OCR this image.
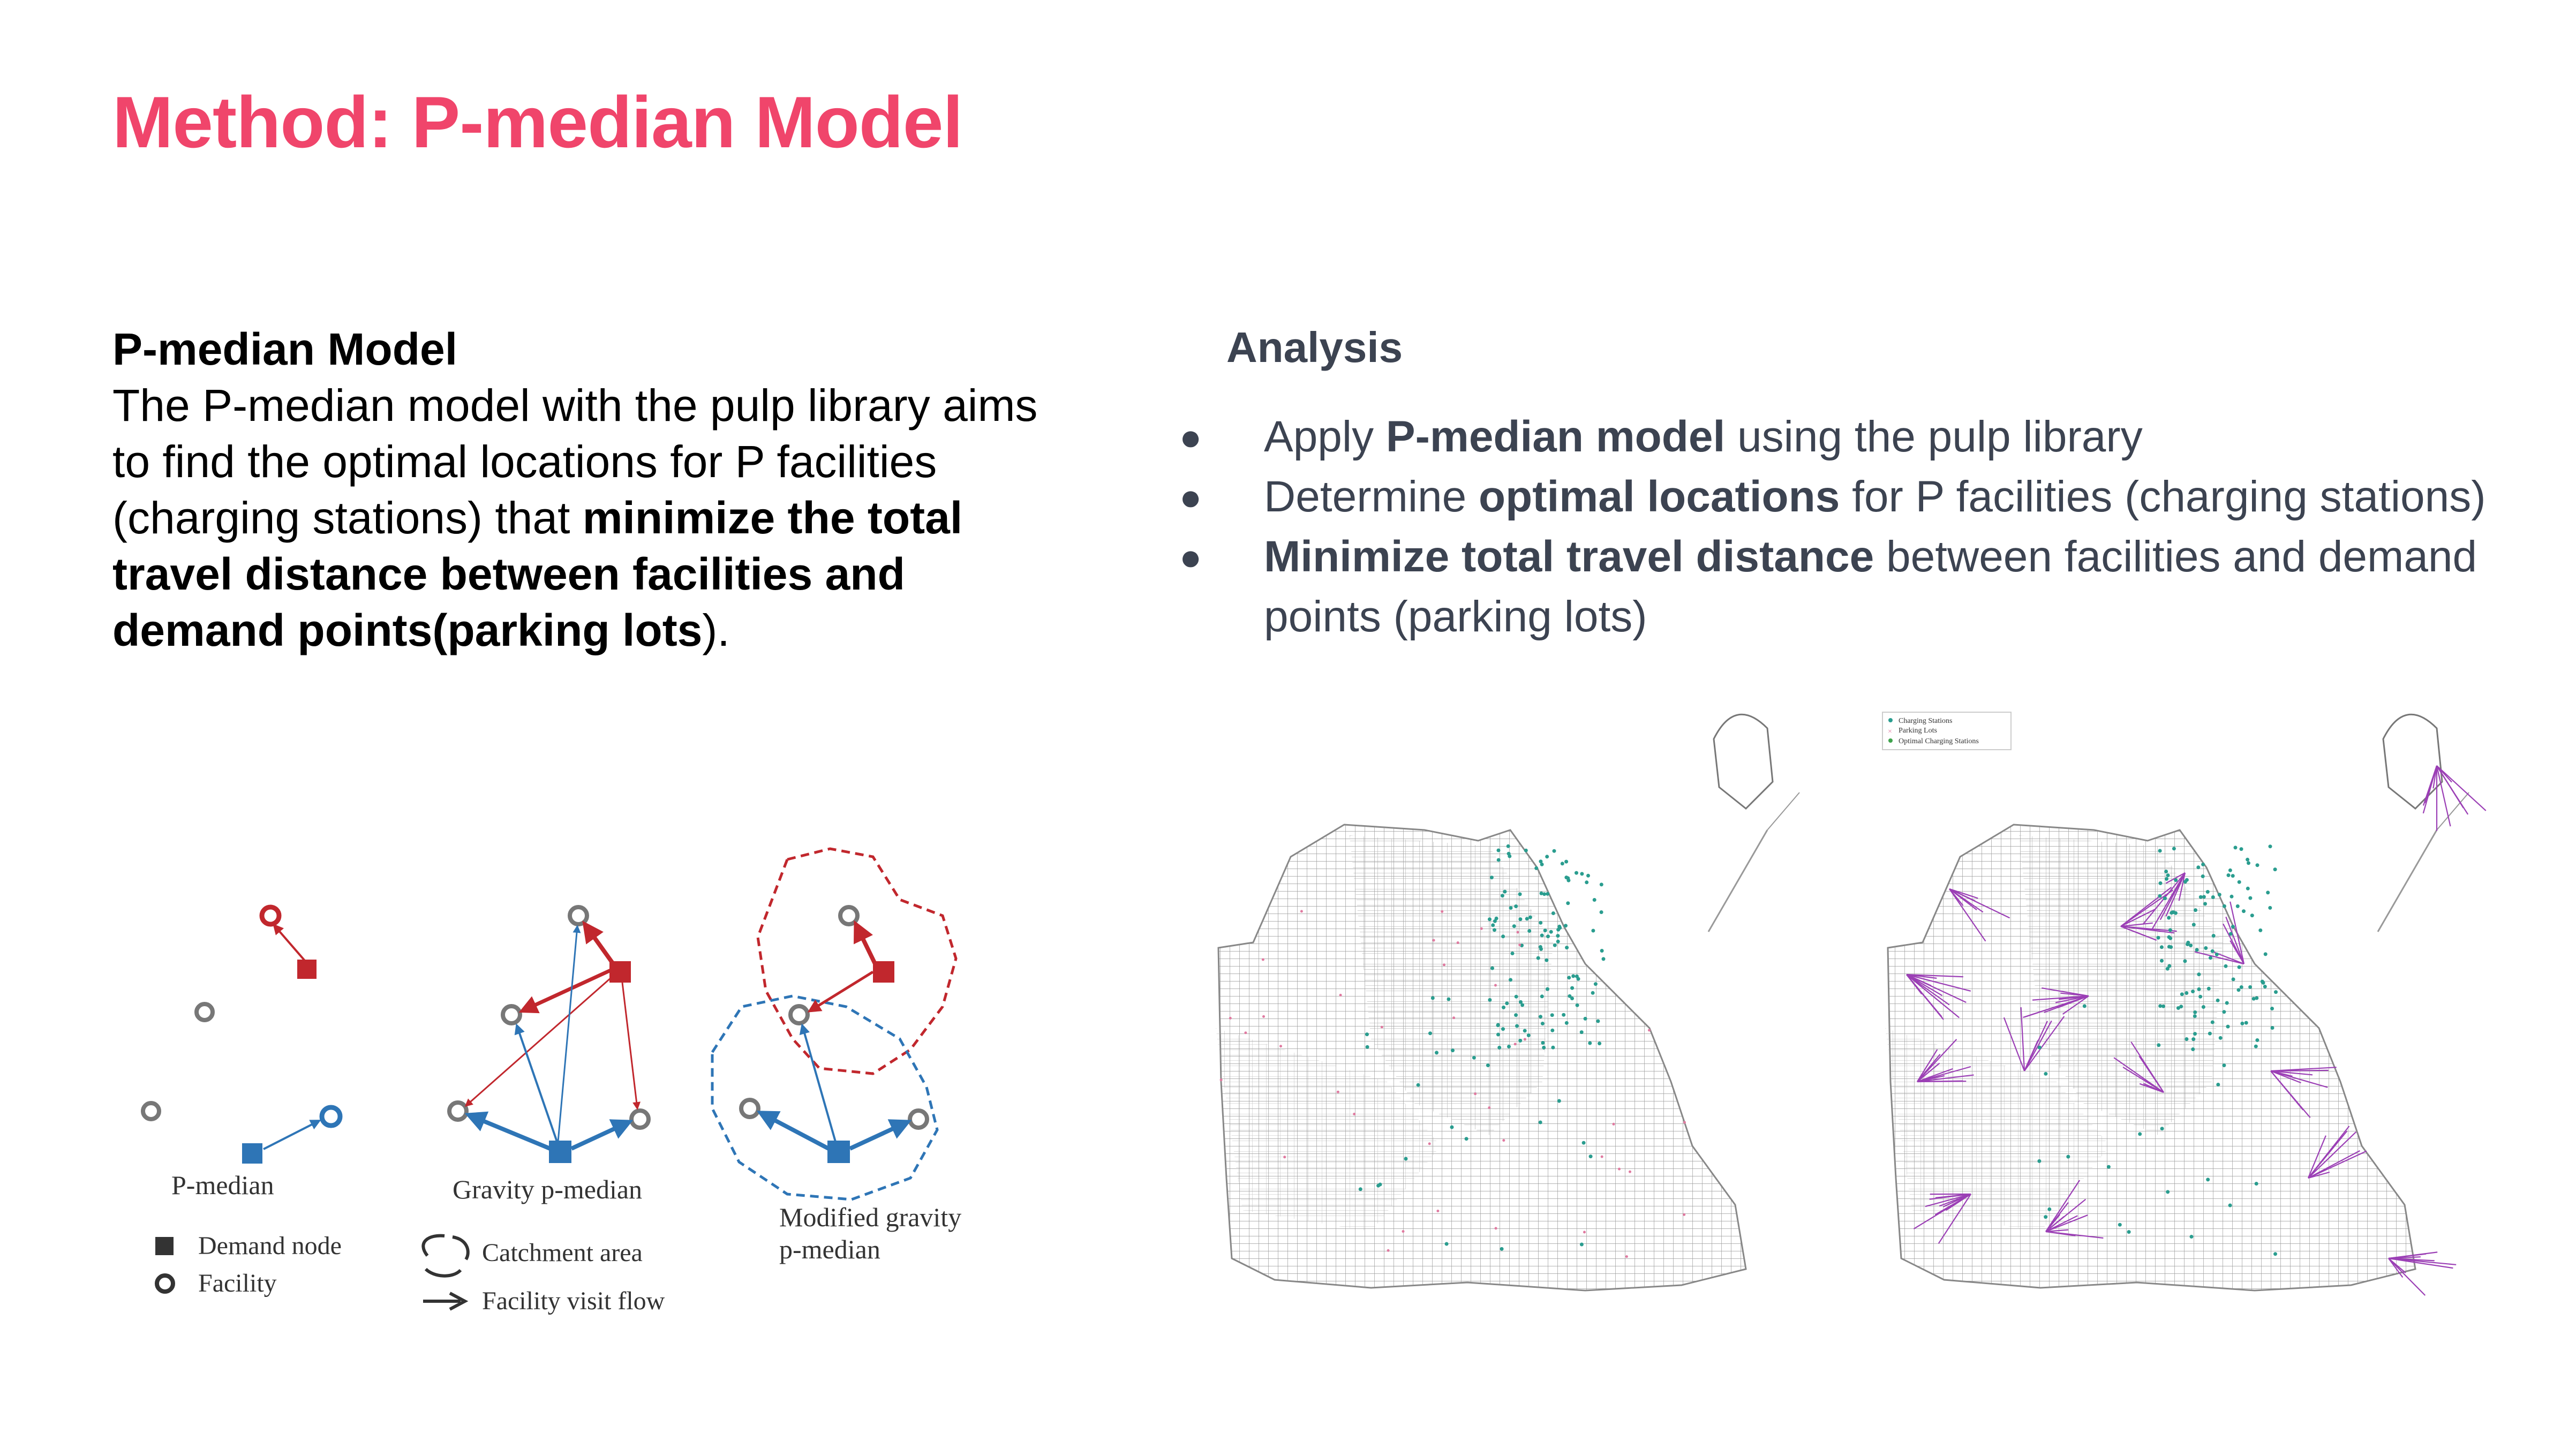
Method: P-median Model
P-median Model
The P-median model with the pulp library aims to find the optimal locations for P facilities (charging stations) that minimize the total travel distance between facilities and demand points(parking lots).
Analysis
● Apply P-median model using the pulp library
● Determine optimal locations for P facilities (charging stations)
● Minimize total travel distance between facilities and demand points (parking lots)
P-median	Gravity p-median
Modified gravity
p-median
Demand node
Facility
Catchment area
Facility visit flow
Charging Stations
× Parking Lots
Optimal Charging Stations
